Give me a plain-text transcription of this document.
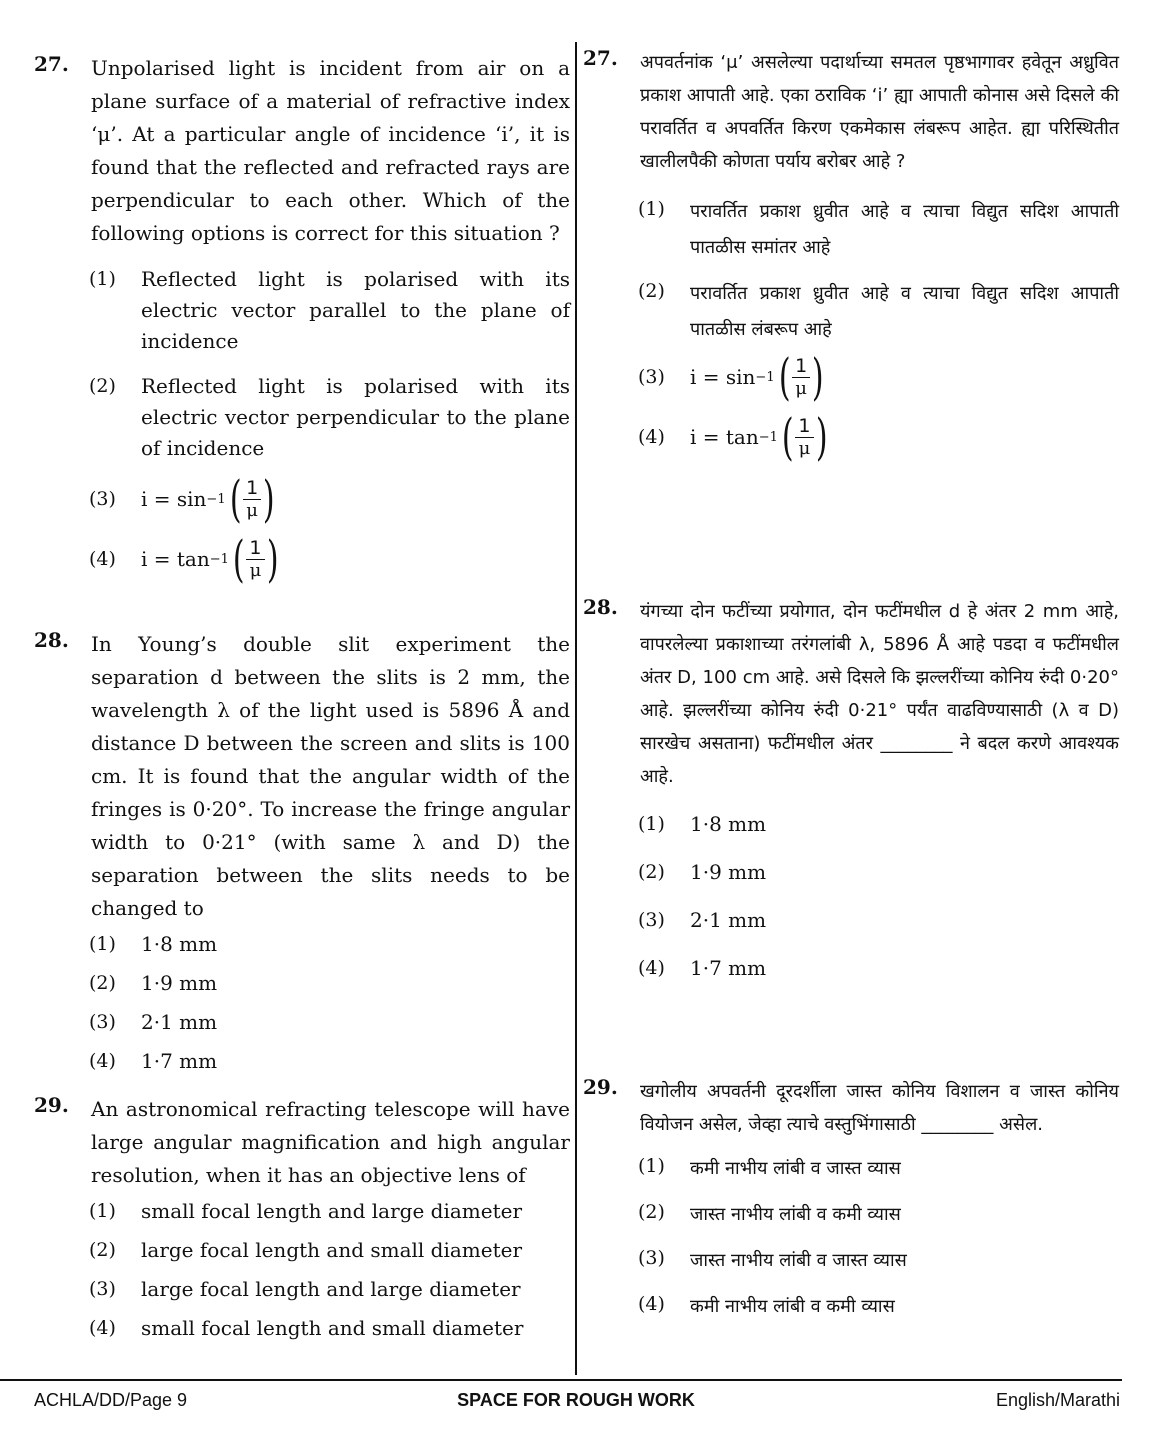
27. Unpolarised light is incident from air on a plane surface of a material of refractive index ‘μ’. At a particular angle of incidence ‘i’, it is found that the reflected and refracted rays are perpendicular to each other. Which of the following options is correct for this situation ?
(1)	Reflected light is polarised with its electric vector parallel to the plane of incidence
(2)	Reflected light is polarised with its electric vector perpendicular to the plane of incidence
(3)	i = sin −1 ( $\frac{1}{\mu}$ )
(4)	i = tan −1 ( $\frac{1}{\mu}$ )
28. In Young’s double slit experiment the separation d between the slits is 2 mm, the wavelength λ of the light used is 5896 Å and distance D between the screen and slits is 100 cm. It is found that the angular width of the fringes is 0·20°. To increase the fringe angular width to 0·21° (with same λ and D) the separation between the slits needs to be changed to
(1)	1·8 mm
(2)	1·9 mm
(3)	2·1 mm
(4)	1·7 mm
29. An astronomical refracting telescope will have large angular magnification and high angular resolution, when it has an objective lens of
(1)	small focal length and large diameter
(2)	large focal length and small diameter
(3)	large focal length and large diameter
(4)	small focal length and small diameter
27. अपवर्तनांक ‘μ’ असलेल्या पदार्थाच्या समतल पृष्ठभागावर हवेतून अध्रुवित प्रकाश आपाती आहे. एका ठराविक ‘i’ ह्या आपाती कोनास असे दिसले की परावर्तित व अपवर्तित किरण एकमेकास लंबरूप आहेत. ह्या परिस्थितीत खालीलपैकी कोणता पर्याय बरोबर आहे ?
(1)	परावर्तित प्रकाश ध्रुवीत आहे व त्याचा विद्युत सदिश आपाती पातळीस समांतर आहे
(2)	परावर्तित प्रकाश ध्रुवीत आहे व त्याचा विद्युत सदिश आपाती पातळीस लंबरूप आहे
(3)	i = sin −1 ( $\frac{1}{\mu}$ )
(4)	i = tan −1 ( $\frac{1}{\mu}$ )
28. यंगच्या दोन फटींच्या प्रयोगात, दोन फटींमधील d हे अंतर 2 mm आहे, वापरलेल्या प्रकाशाच्या तरंगलांबी λ, 5896 Å आहे पडदा व फटींमधील अंतर D, 100 cm आहे. असे दिसले कि झल्लरींच्या कोनिय रुंदी 0·20° आहे. झल्लरींच्या कोनिय रुंदी 0·21° पर्यंत वाढविण्यासाठी (λ व D) सारखेच असताना) फटींमधील अंतर ________ ने बदल करणे आवश्यक आहे.
(1)	1·8 mm
(2)	1·9 mm
(3)	2·1 mm
(4)	1·7 mm
29. खगोलीय अपवर्तनी दूरदर्शीला जास्त कोनिय विशालन व जास्त कोनिय वियोजन असेल, जेव्हा त्याचे वस्तुभिंगासाठी ________ असेल.
(1)	कमी नाभीय लांबी व जास्त व्यास
(2)	जास्त नाभीय लांबी व कमी व्यास
(3)	जास्त नाभीय लांबी व जास्त व्यास
(4)	कमी नाभीय लांबी व कमी व्यास
ACHLA/DD/Page 9	SPACE FOR ROUGH WORK	English/Marathi
